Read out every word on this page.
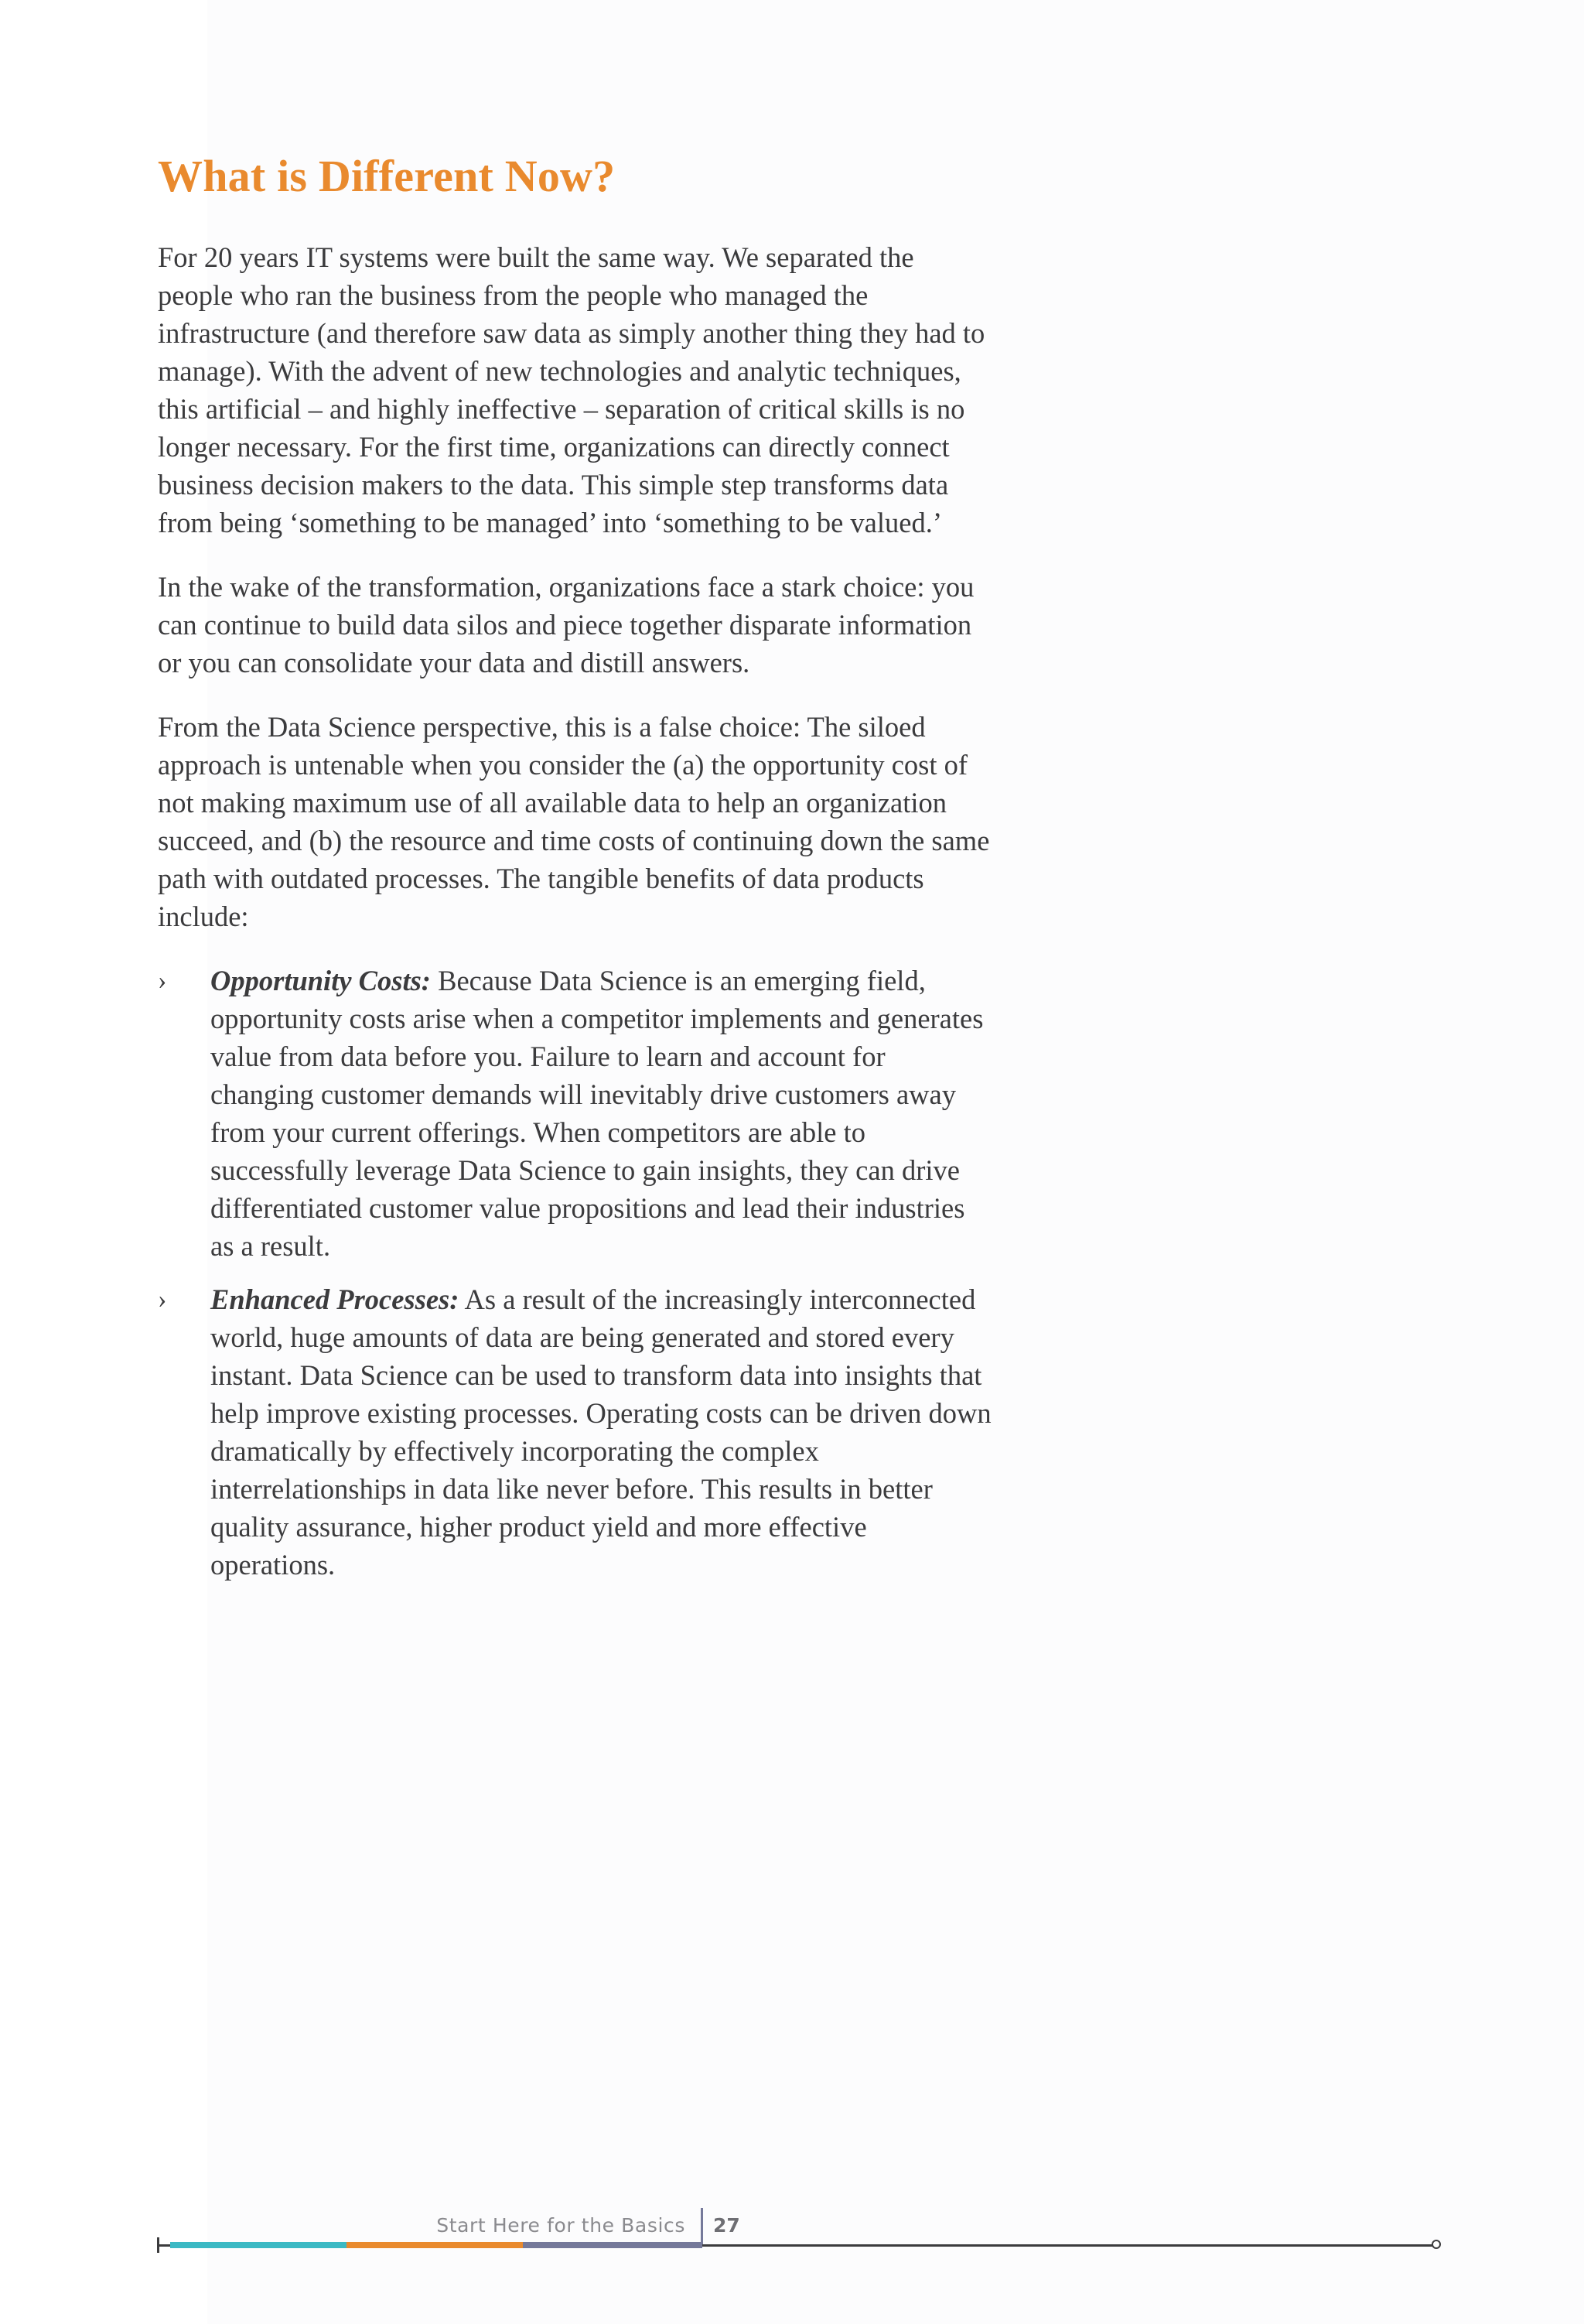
What is Different Now?

For 20 years IT systems were built the same way. We separated the people who ran the business from the people who managed the infrastructure (and therefore saw data as simply another thing they had to manage). With the advent of new technologies and analytic techniques, this artificial – and highly ineffective – separation of critical skills is no longer necessary. For the first time, organizations can directly connect business decision makers to the data. This simple step transforms data from being ‘something to be managed’ into ‘something to be valued.’

In the wake of the transformation, organizations face a stark choice: you can continue to build data silos and piece together disparate information or you can consolidate your data and distill answers.

From the Data Science perspective, this is a false choice: The siloed approach is untenable when you consider the (a) the opportunity cost of not making maximum use of all available data to help an organization succeed, and (b) the resource and time costs of continuing down the same path with outdated processes. The tangible benefits of data products include:

›	Opportunity Costs: Because Data Science is an emerging field, opportunity costs arise when a competitor implements and generates value from data before you. Failure to learn and account for changing customer demands will inevitably drive customers away from your current offerings. When competitors are able to successfully leverage Data Science to gain insights, they can drive differentiated customer value propositions and lead their industries as a result.
›	Enhanced Processes: As a result of the increasingly interconnected world, huge amounts of data are being generated and stored every instant. Data Science can be used to transform data into insights that help improve existing processes. Operating costs can be driven down dramatically by effectively incorporating the complex interrelationships in data like never before. This results in better quality assurance, higher product yield and more effective operations.
Start Here for the Basics 27
